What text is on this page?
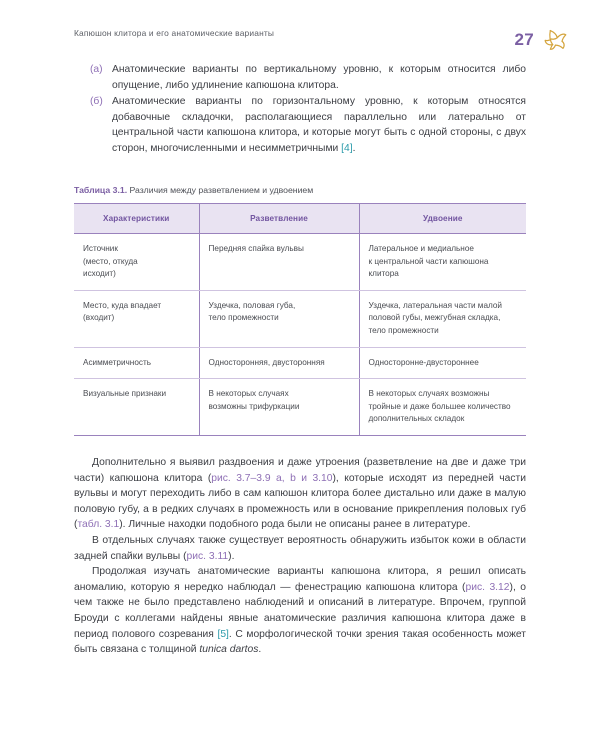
Капюшон клитора и его анатомические варианты	27
(а) Анатомические варианты по вертикальному уровню, к которым относится либо опущение, либо удлинение капюшона клитора.
(б) Анатомические варианты по горизонтальному уровню, к которым относятся добавочные складочки, располагающиеся параллельно или латерально от центральной части капюшона клитора, и которые могут быть с одной стороны, с двух сторон, многочисленными и несимметричными [4].
Таблица 3.1. Различия между разветвлением и удвоением
Характеристики	Разветвление	Удвоение

Источник
(место, откуда
исходит)	Передняя спайка вульвы	Латеральное и медиальное
к центральной части капюшона
клитора

Место, куда впадает
(входит)	Уздечка, половая губа,
тело промежности	Уздечка, латеральная части малой
половой губы, межгубная складка,
тело промежности

Асимметричность	Односторонняя, двусторонняя	Односторонне-двустороннее

Визуальные признаки	В некоторых случаях
возможны трифуркации	В некоторых случаях возможны
тройные и даже большее количество
дополнительных складок

Дополнительно я выявил раздвоения и даже утроения (разветвление на две и даже три части) капюшона клитора (рис. 3.7–3.9 a, b и 3.10), которые исходят из передней части вульвы и могут переходить либо в сам капюшон клитора более дистально или даже в малую половую губу, а в редких случаях в промежность или в основание прикрепления половых губ (табл. 3.1). Личные находки подобного рода были не описаны ранее в литературе.

В отдельных случаях также существует вероятность обнаружить избыток кожи в области задней спайки вульвы (рис. 3.11).

Продолжая изучать анатомические варианты капюшона клитора, я решил описать аномалию, которую я нередко наблюдал — фенестрацию капюшона клитора (рис. 3.12), о чем также не было представлено наблюдений и описаний в литературе. Впрочем, группой Броуди с коллегами найдены явные анатомические различия капюшона клитора даже в период полового созревания [5]. С морфологической точки зрения такая особенность может быть связана с толщиной tunica dartos.
